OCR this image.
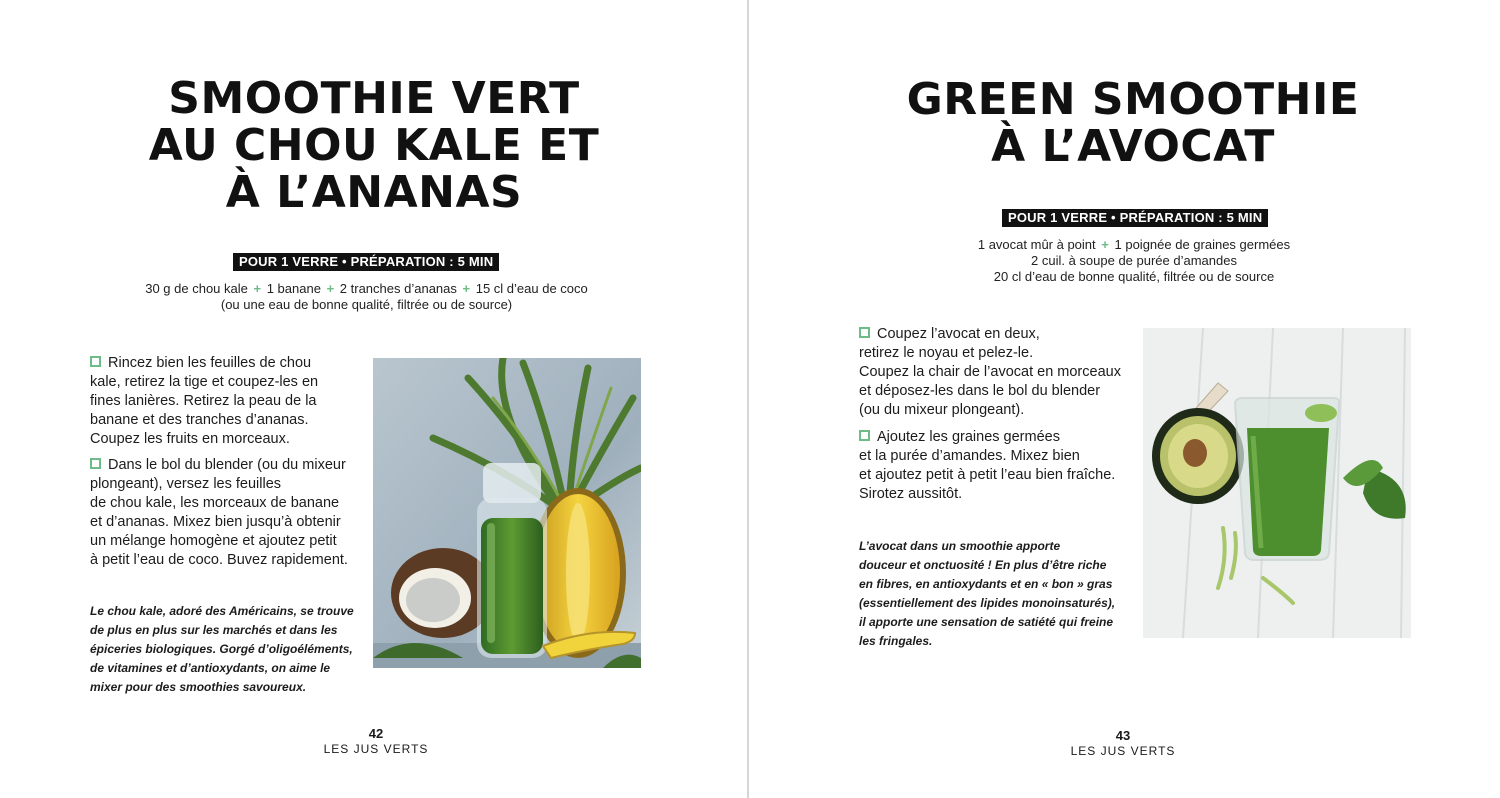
SMOOTHIE VERT
AU CHOU KALE ET
À L’ANANAS
POUR 1 VERRE • PRÉPARATION : 5 MIN
30 g de chou kale + 1 banane + 2 tranches d’ananas + 15 cl d’eau de coco
(ou une eau de bonne qualité, filtrée ou de source)
Rincez bien les feuilles de chou
kale, retirez la tige et coupez-les en
fines lanières. Retirez la peau de la
banane et des tranches d’ananas.
Coupez les fruits en morceaux.
Dans le bol du blender (ou du mixeur
plongeant), versez les feuilles
de chou kale, les morceaux de banane
et d’ananas. Mixez bien jusqu’à obtenir
un mélange homogène et ajoutez petit
à petit l’eau de coco. Buvez rapidement.
Le chou kale, adoré des Américains, se trouve
de plus en plus sur les marchés et dans les
épiceries biologiques. Gorgé d’oligoéléments,
de vitamines et d’antioxydants, on aime le
mixer pour des smoothies savoureux.
42
LES JUS VERTS
GREEN SMOOTHIE
À L’AVOCAT
POUR 1 VERRE • PRÉPARATION : 5 MIN
1 avocat mûr à point + 1 poignée de graines germées
2 cuil. à soupe de purée d’amandes
20 cl d’eau de bonne qualité, filtrée ou de source
Coupez l’avocat en deux,
retirez le noyau et pelez-le.
Coupez la chair de l’avocat en morceaux
et déposez-les dans le bol du blender
(ou du mixeur plongeant).
Ajoutez les graines germées
et la purée d’amandes. Mixez bien
et ajoutez petit à petit l’eau bien fraîche.
Sirotez aussitôt.
L’avocat dans un smoothie apporte
douceur et onctuosité ! En plus d’être riche
en fibres, en antioxydants et en « bon » gras
(essentiellement des lipides monoinsaturés),
il apporte une sensation de satiété qui freine
les fringales.
43
LES JUS VERTS
